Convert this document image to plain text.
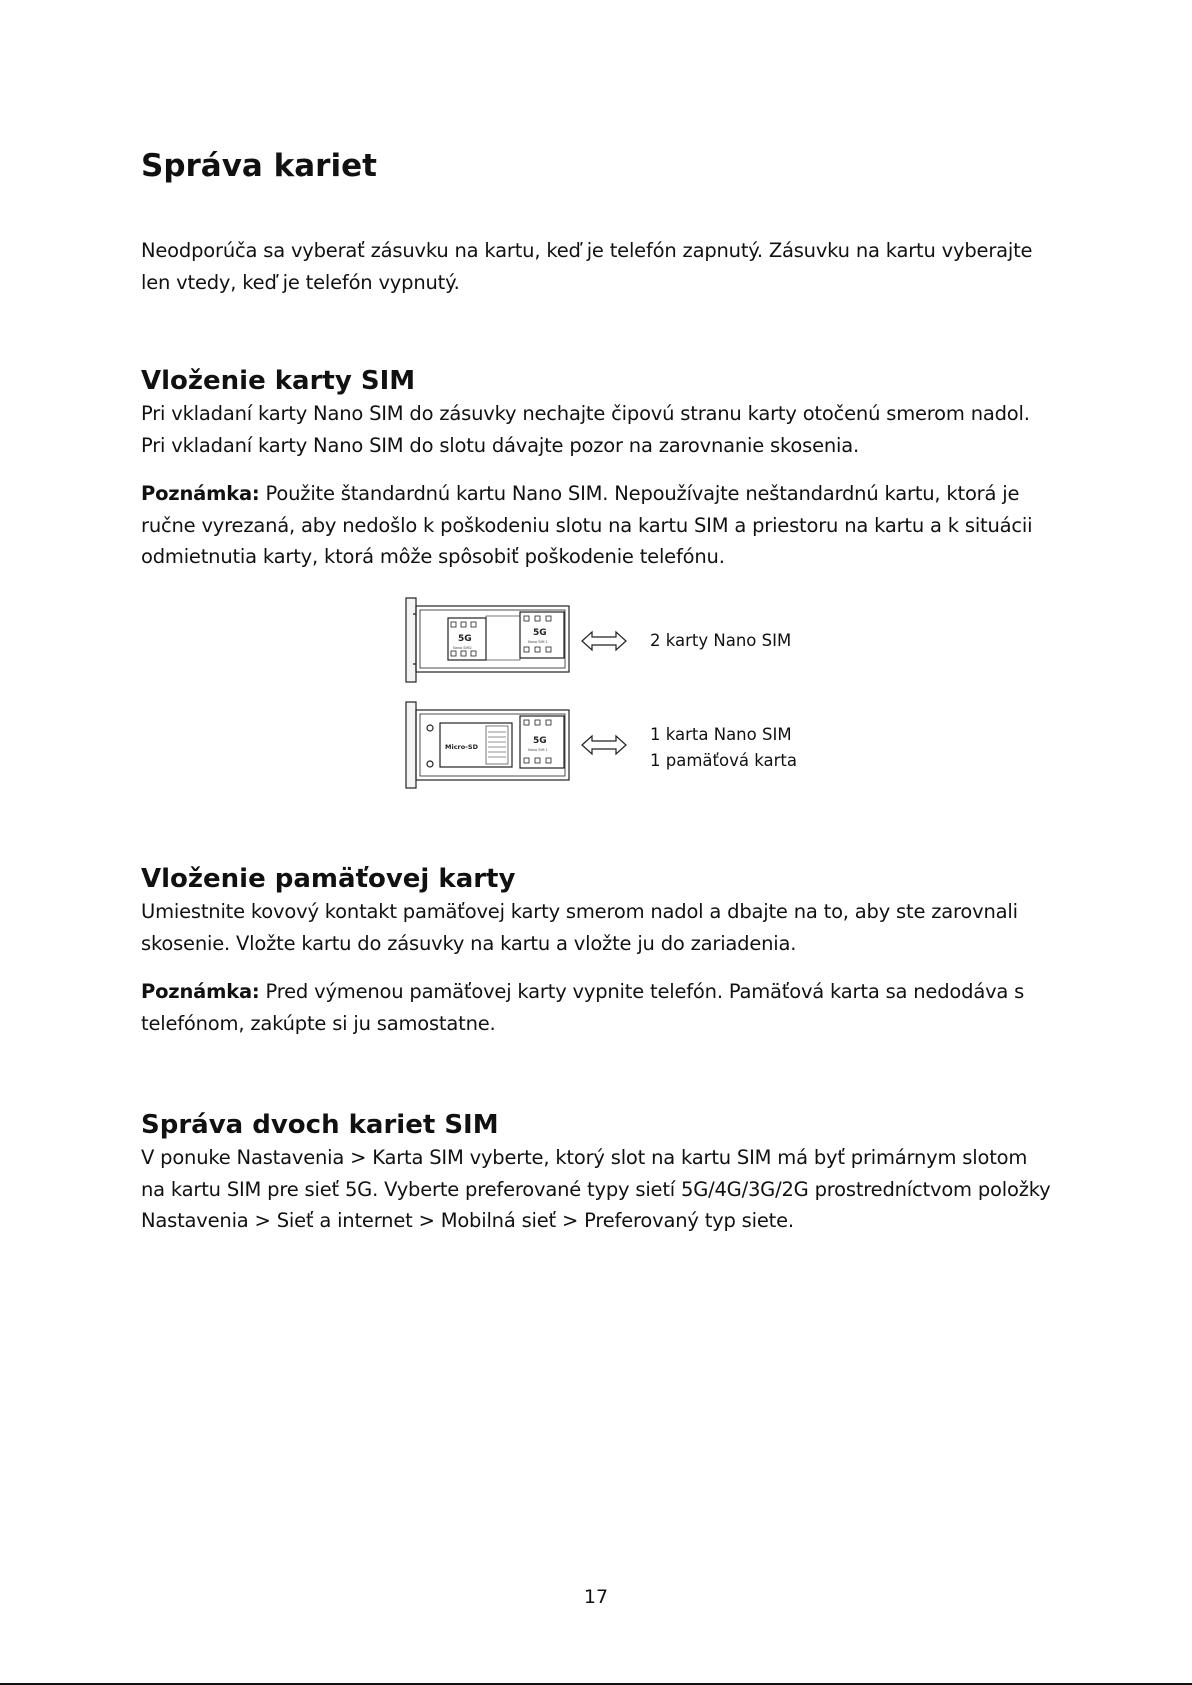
Správa kariet

Neodporúča sa vyberať zásuvku na kartu, keď je telefón zapnutý. Zásuvku na kartu vyberajte len vtedy, keď je telefón vypnutý.

Vloženie karty SIM

Pri vkladaní karty Nano SIM do zásuvky nechajte čipovú stranu karty otočenú smerom nadol. Pri vkladaní karty Nano SIM do slotu dávajte pozor na zarovnanie skosenia.

Poznámka: Použite štandardnú kartu Nano SIM. Nepoužívajte neštandardnú kartu, ktorá je ručne vyrezaná, aby nedošlo k poškodeniu slotu na kartu SIM a priestoru na kartu a k situácii odmietnutia karty, ktorá môže spôsobiť poškodenie telefónu.

5G
Nano SIM2
5G
Nano SIM 1
Micro-SD
5G
Nano SIM 1
2 karty Nano SIM
1 karta Nano SIM
1 pamäťová karta
Vloženie pamäťovej karty

Umiestnite kovový kontakt pamäťovej karty smerom nadol a dbajte na to, aby ste zarovnali skosenie. Vložte kartu do zásuvky na kartu a vložte ju do zariadenia.

Poznámka: Pred výmenou pamäťovej karty vypnite telefón. Pamäťová karta sa nedodáva s telefónom, zakúpte si ju samostatne.

Správa dvoch kariet SIM

V ponuke Nastavenia > Karta SIM vyberte, ktorý slot na kartu SIM má byť primárnym slotom na kartu SIM pre sieť 5G. Vyberte preferované typy sietí 5G/4G/3G/2G prostredníctvom položky Nastavenia > Sieť a internet > Mobilná sieť > Preferovaný typ siete.

17
